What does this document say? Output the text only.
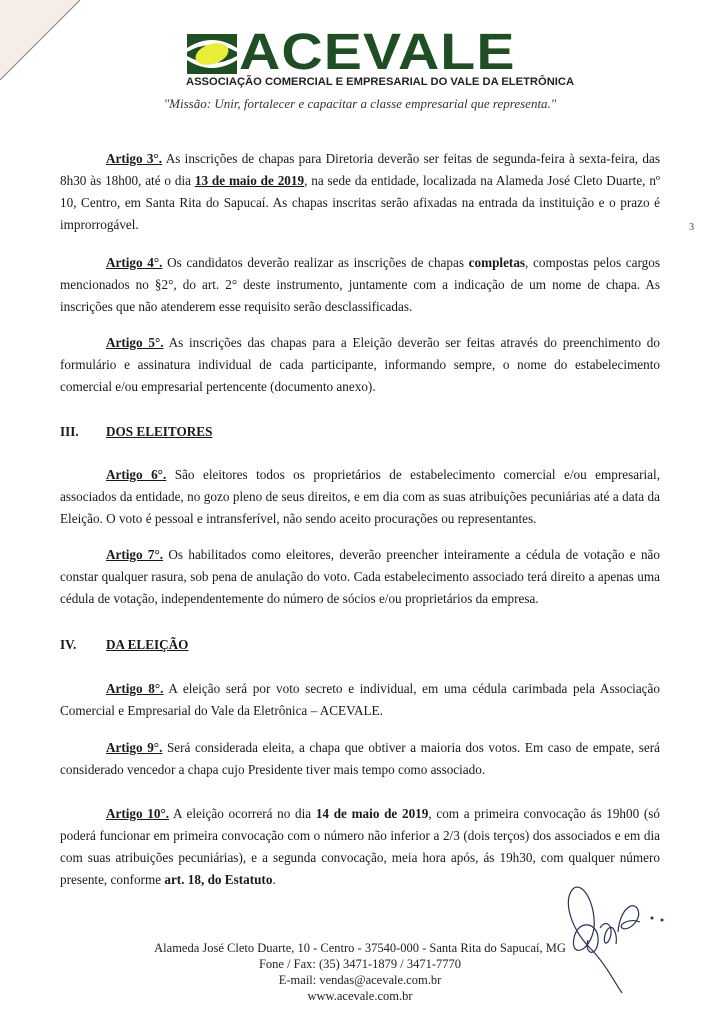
ACEVALE
ASSOCIAÇÃO COMERCIAL E EMPRESARIAL DO VALE DA ELETRÔNICA
"Missão: Unir, fortalecer e capacitar a classe empresarial que representa."
3

Artigo 3°. As inscrições de chapas para Diretoria deverão ser feitas de segunda-feira à sexta-feira, das 8h30 às 18h00, até o dia 13 de maio de 2019, na sede da entidade, localizada na Alameda José Cleto Duarte, nº 10, Centro, em Santa Rita do Sapucaí. As chapas inscritas serão afixadas na entrada da instituição e o prazo é improrrogável.

Artigo 4°. Os candidatos deverão realizar as inscrições de chapas completas, compostas pelos cargos mencionados no §2°, do art. 2° deste instrumento, juntamente com a indicação de um nome de chapa. As inscrições que não atenderem esse requisito serão desclassificadas.

Artigo 5°. As inscrições das chapas para a Eleição deverão ser feitas através do preenchimento do formulário e assinatura individual de cada participante, informando sempre, o nome do estabelecimento comercial e/ou empresarial pertencente (documento anexo).

III. DOS ELEITORES

Artigo 6°. São eleitores todos os proprietários de estabelecimento comercial e/ou empresarial, associados da entidade, no gozo pleno de seus direitos, e em dia com as suas atribuições pecuniárias até a data da Eleição. O voto é pessoal e intransferível, não sendo aceito procurações ou representantes.

Artigo 7°. Os habilitados como eleitores, deverão preencher inteiramente a cédula de votação e não constar qualquer rasura, sob pena de anulação do voto. Cada estabelecimento associado terá direito a apenas uma cédula de votação, independentemente do número de sócios e/ou proprietários da empresa.

IV. DA ELEIÇÃO

Artigo 8°. A eleição será por voto secreto e individual, em uma cédula carimbada pela Associação Comercial e Empresarial do Vale da Eletrônica – ACEVALE.

Artigo 9°. Será considerada eleita, a chapa que obtiver a maioria dos votos. Em caso de empate, será considerado vencedor a chapa cujo Presidente tiver mais tempo como associado.

Artigo 10°. A eleição ocorrerá no dia 14 de maio de 2019, com a primeira convocação ás 19h00 (só poderá funcionar em primeira convocação com o número não inferior a 2/3 (dois terços) dos associados e em dia com suas atribuições pecuniárias), e a segunda convocação, meia hora após, ás 19h30, com qualquer número presente, conforme art. 18, do Estatuto.

Alameda José Cleto Duarte, 10 - Centro - 37540-000 - Santa Rita do Sapucaí, MG
Fone / Fax: (35) 3471-1879 / 3471-7770
E-mail: vendas@acevale.com.br
www.acevale.com.br
